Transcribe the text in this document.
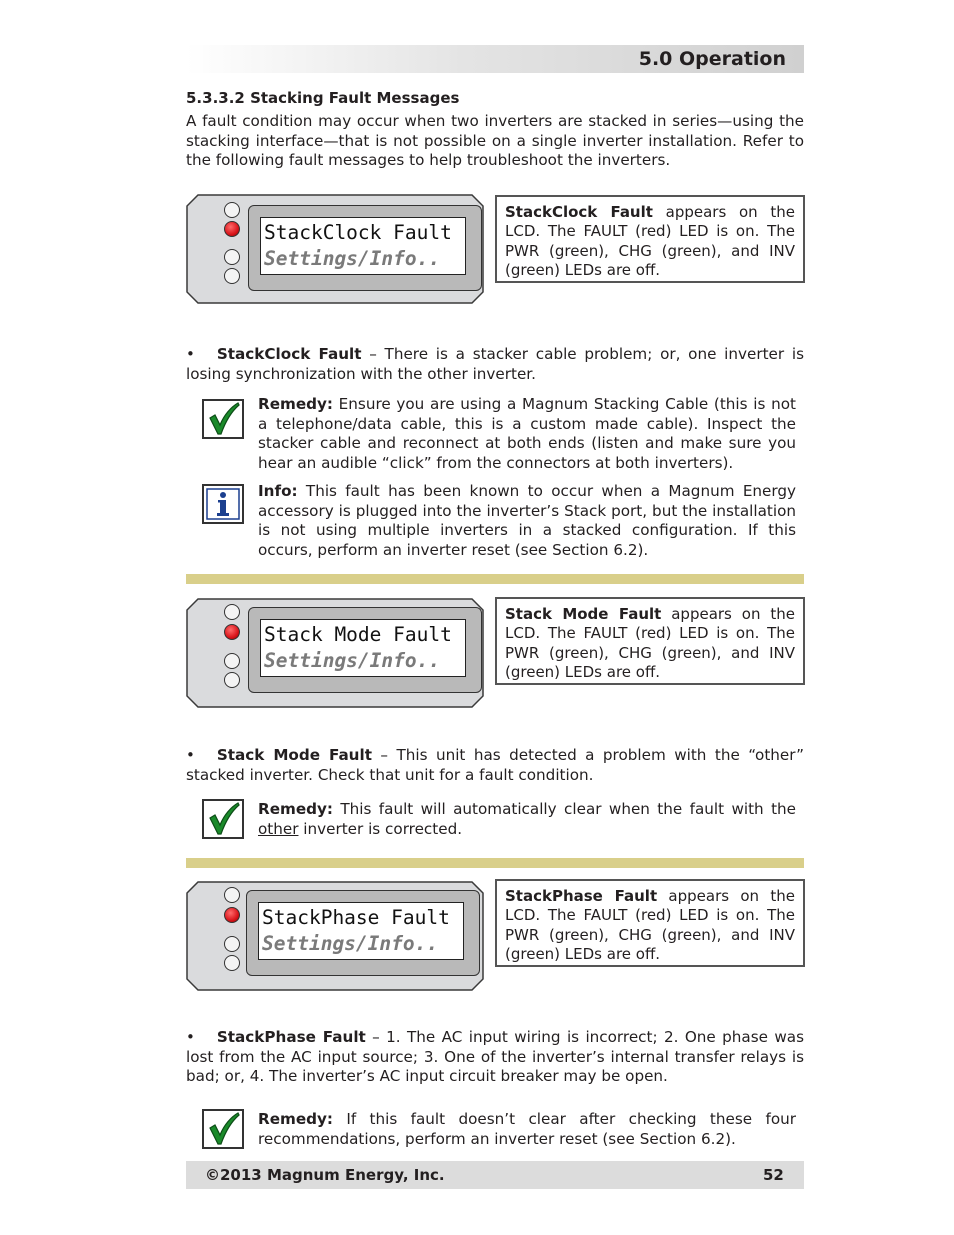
5.0 Operation
5.3.3.2 Stacking Fault Messages

A fault condition may occur when two inverters are stacked in series—using the stacking interface—that is not possible on a single inverter installation. Refer to the following fault messages to help troubleshoot the inverters.

StackClock Fault
Settings/Info..

StackClock Fault appears on the LCD. The FAULT (red) LED is on. The PWR (green), CHG (green), and INV (green) LEDs are off.

• StackClock Fault – There is a stacker cable problem; or, one inverter is losing synchronization with the other inverter.

Remedy: Ensure you are using a Magnum Stacking Cable (this is not a telephone/data cable, this is a custom made cable). Inspect the stacker cable and reconnect at both ends (listen and make sure you hear an audible “click” from the connectors at both inverters).

Info: This fault has been known to occur when a Magnum Energy accessory is plugged into the inverter’s Stack port, but the installation is not using multiple inverters in a stacked configuration. If this occurs, perform an inverter reset (see Section 6.2).

Stack Mode Fault
Settings/Info..

Stack Mode Fault appears on the LCD. The FAULT (red) LED is on. The PWR (green), CHG (green), and INV (green) LEDs are off.

• Stack Mode Fault – This unit has detected a problem with the “other” stacked inverter. Check that unit for a fault condition.

Remedy: This fault will automatically clear when the fault with the other inverter is corrected.

StackPhase Fault
Settings/Info..

StackPhase Fault appears on the LCD. The FAULT (red) LED is on. The PWR (green), CHG (green), and INV (green) LEDs are off.

• StackPhase Fault – 1. The AC input wiring is incorrect; 2. One phase was lost from the AC input source; 3. One of the inverter’s internal transfer relays is bad; or, 4. The inverter’s AC input circuit breaker may be open.

Remedy: If this fault doesn’t clear after checking these four recommendations, perform an inverter reset (see Section 6.2).

©2013 Magnum Energy, Inc.	52
